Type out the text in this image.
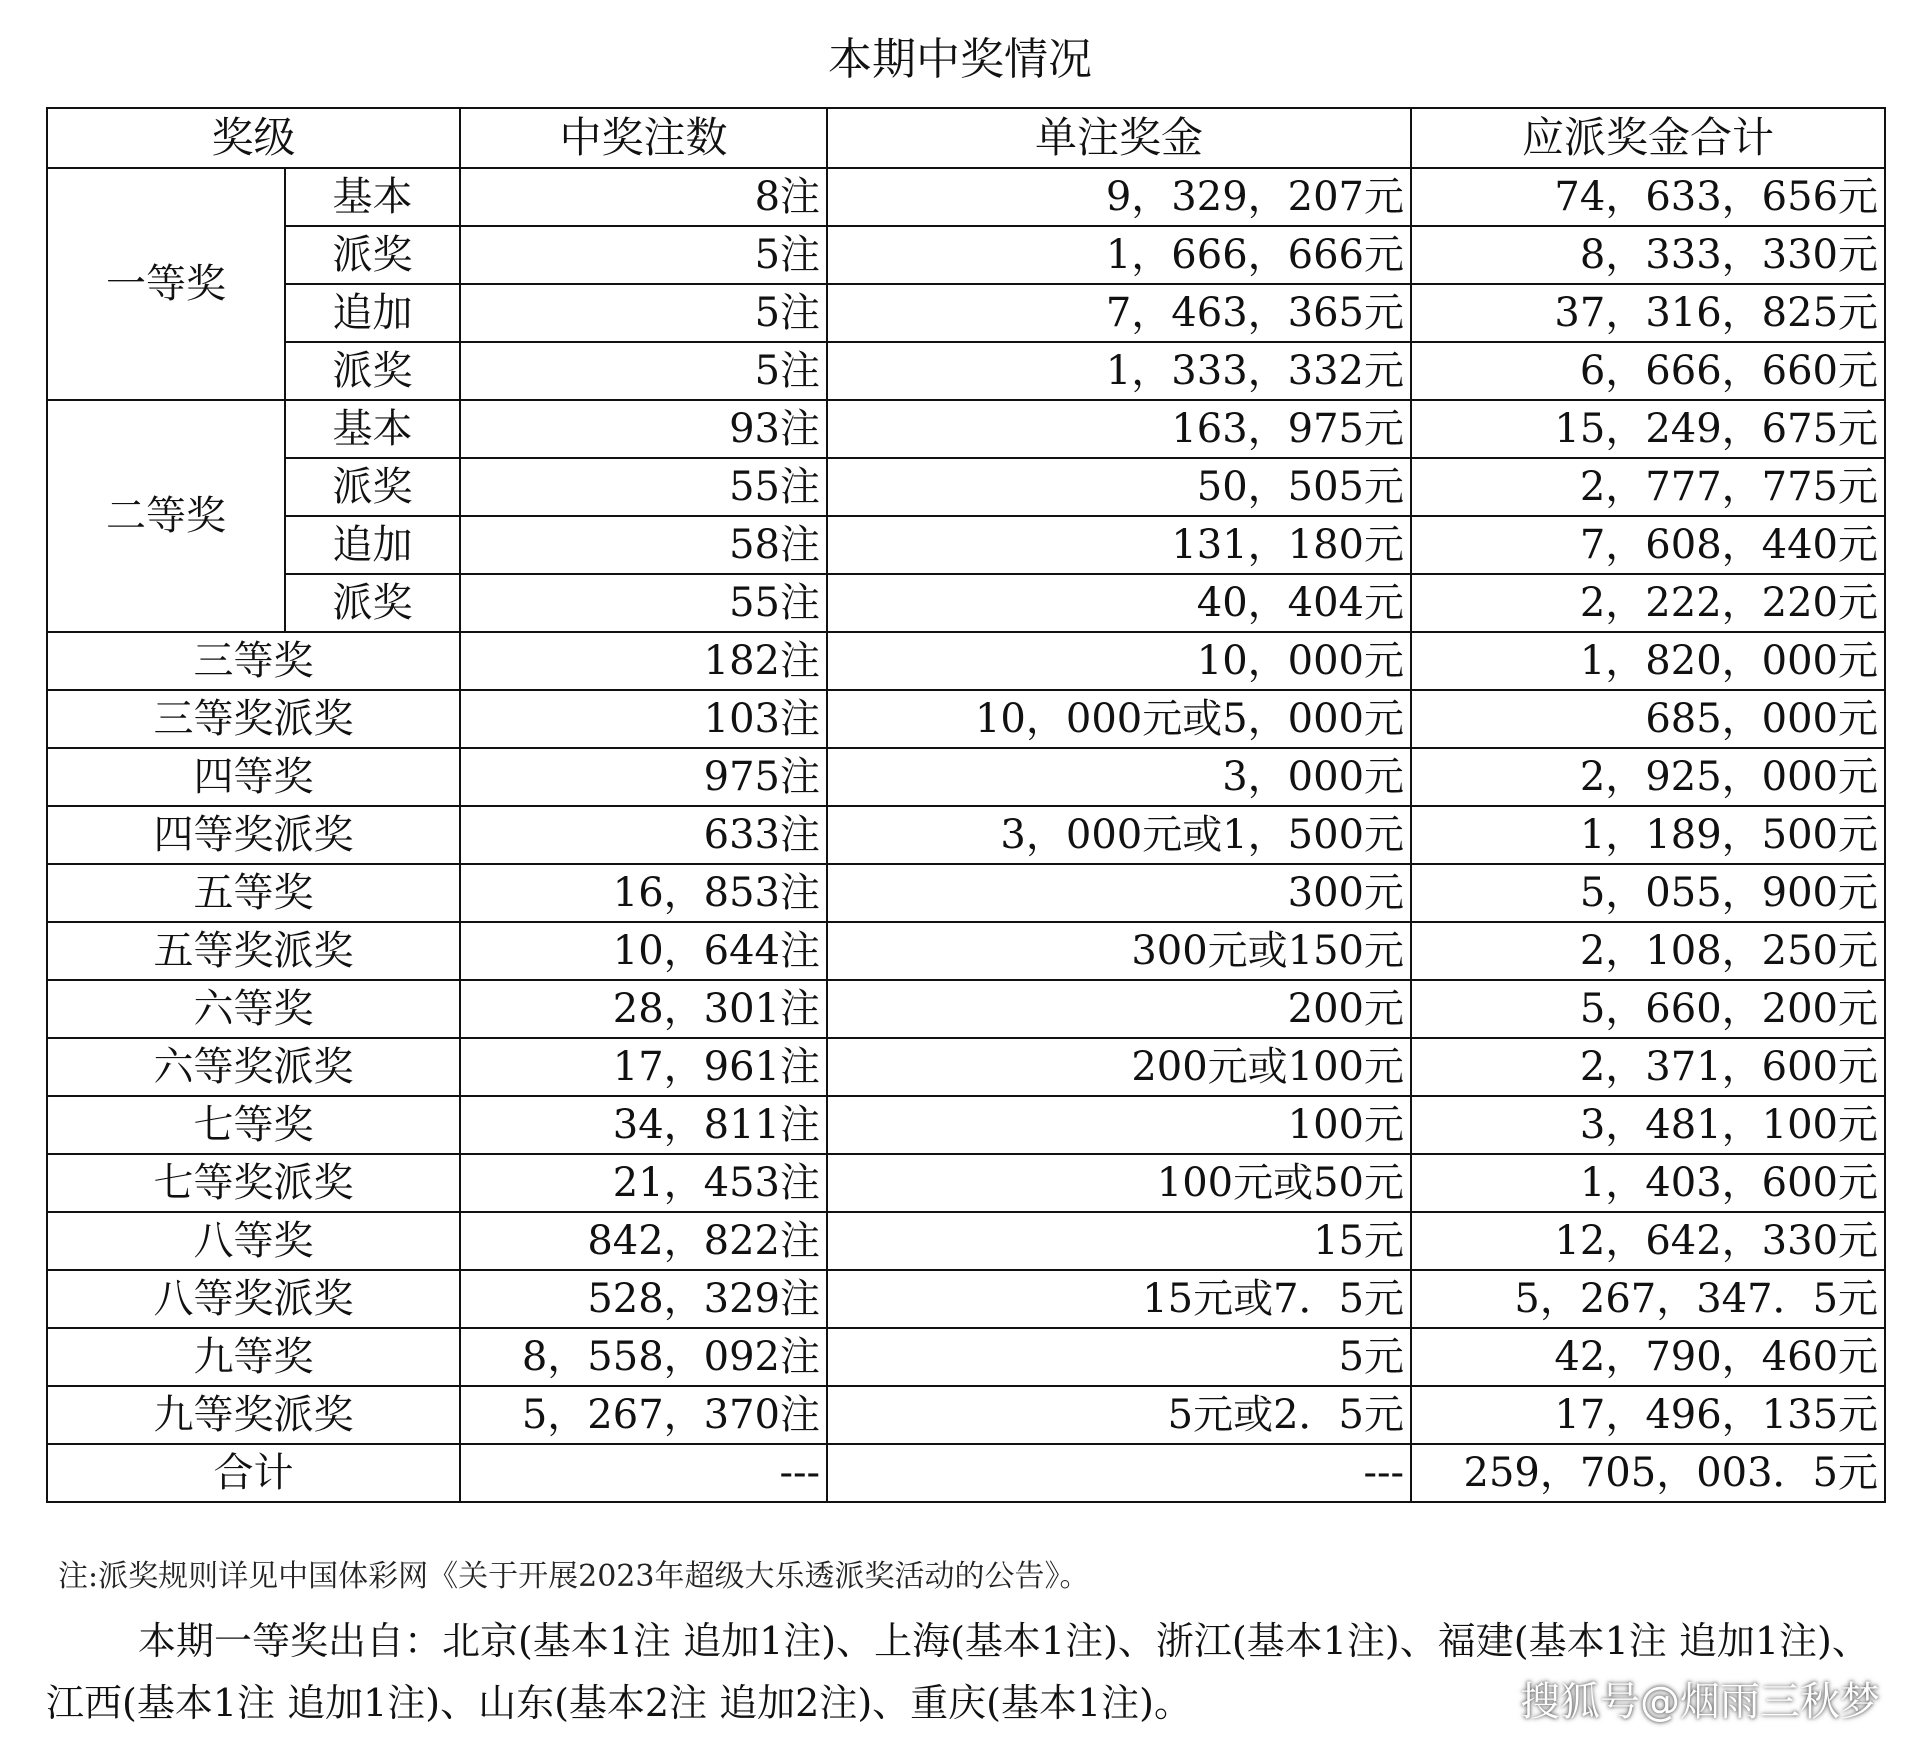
本期中奖情况
奖级		中奖注数	单注奖金	应派奖金合计
一等奖	基本	8注	9，329，207元	74，633，656元
	派奖	5注	1，666，666元	8，333，330元
	追加	5注	7，463，365元	37，316，825元
	派奖	5注	1，333，332元	6，666，660元
二等奖	基本	93注	163，975元	15，249，675元
	派奖	55注	50，505元	2，777，775元
	追加	58注	131，180元	7，608，440元
	派奖	55注	40，404元	2，222，220元
三等奖		182注	10，000元	1，820，000元
三等奖派奖		103注	10，000元或5，000元	685，000元
四等奖		975注	3，000元	2，925，000元
四等奖派奖		633注	3，000元或1，500元	1，189，500元
五等奖		16，853注	300元	5，055，900元
五等奖派奖		10，644注	300元或150元	2，108，250元
六等奖		28，301注	200元	5，660，200元
六等奖派奖		17，961注	200元或100元	2，371，600元
七等奖		34，811注	100元	3，481，100元
七等奖派奖		21，453注	100元或50元	1，403，600元
八等奖		842，822注	15元	12，642，330元
八等奖派奖		528，329注	15元或7．5元	5，267，347．5元
九等奖		8，558，092注	5元	42，790，460元
九等奖派奖		5，267，370注	5元或2．5元	17，496，135元
合计		---	---	259，705，003．5元
注:派奖规则详见中国体彩网《关于开展2023年超级大乐透派奖活动的公告》。
本期一等奖出自：北京(基本1注 追加1注)、上海(基本1注)、浙江(基本1注)、福建(基本1注 追加1注)、江西(基本1注 追加1注)、山东(基本2注 追加2注)、重庆(基本1注)。	搜狐号@烟雨三秋梦
